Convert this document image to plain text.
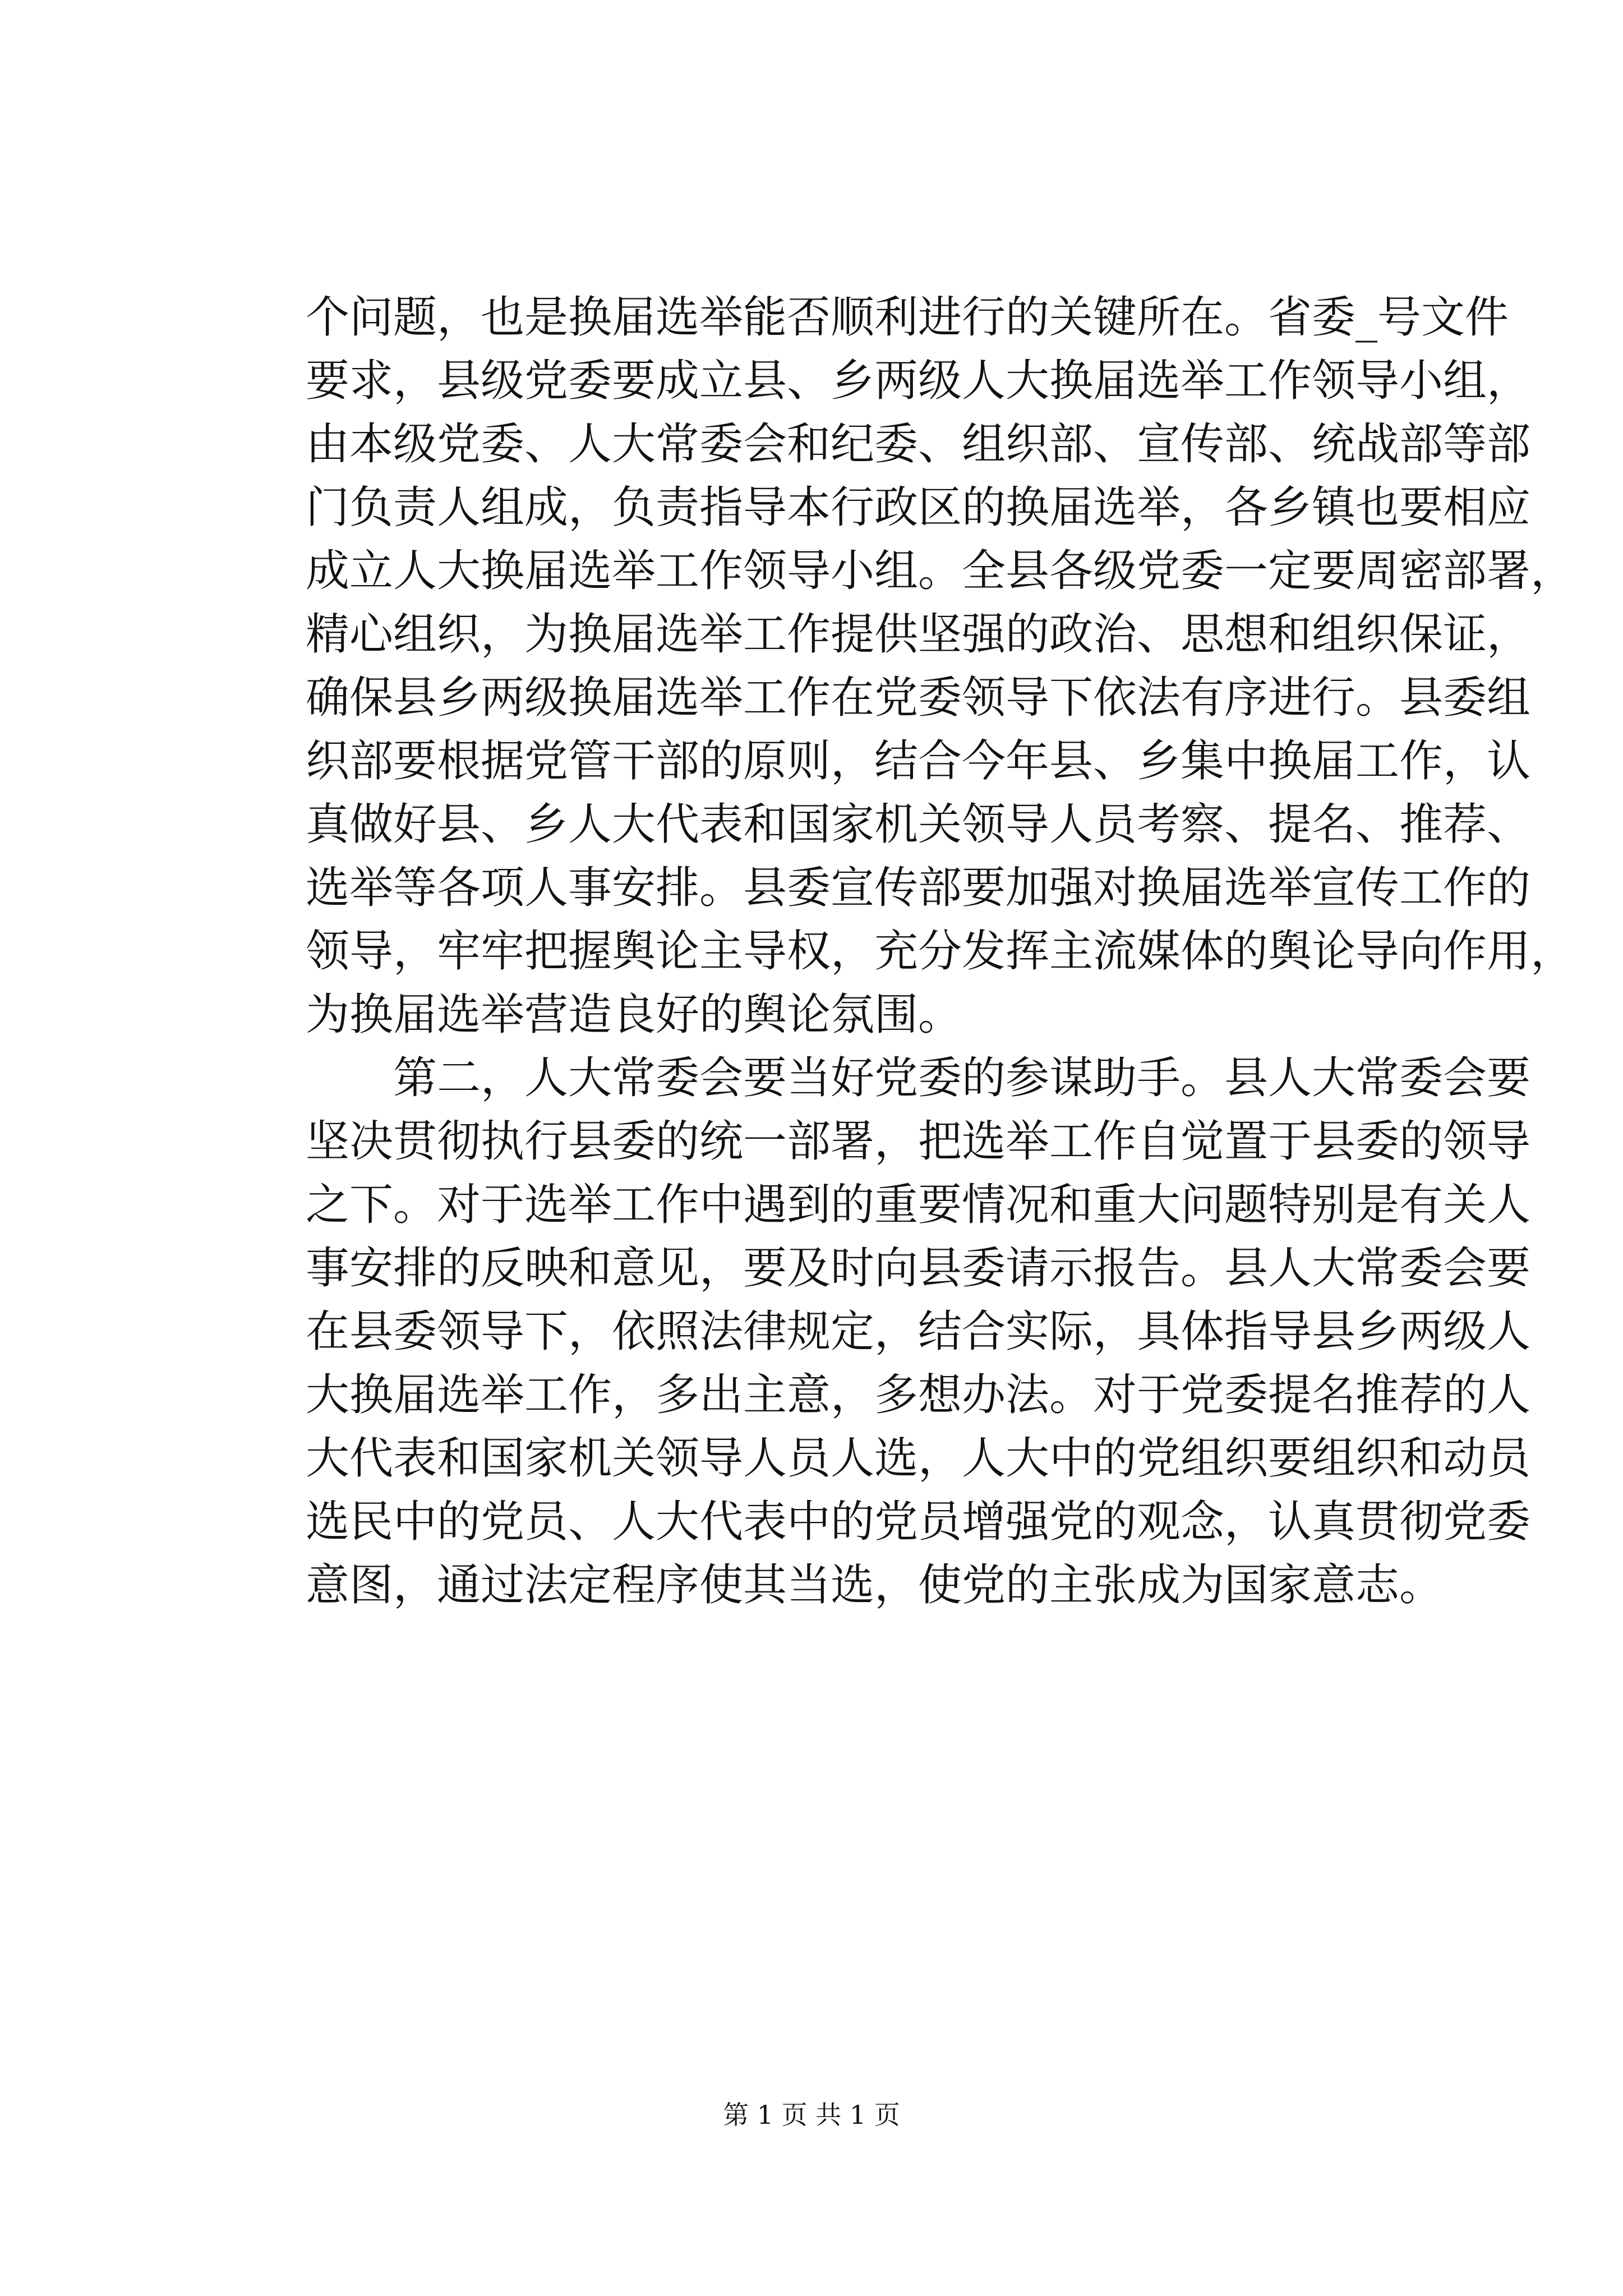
个问题，也是换届选举能否顺利进行的关键所在。省委_号文件
要求，县级党委要成立县、乡两级人大换届选举工作领导小组，
由本级党委、人大常委会和纪委、组织部、宣传部、统战部等部
门负责人组成，负责指导本行政区的换届选举，各乡镇也要相应
成立人大换届选举工作领导小组。全县各级党委一定要周密部署，
精心组织，为换届选举工作提供坚强的政治、思想和组织保证，
确保县乡两级换届选举工作在党委领导下依法有序进行。县委组
织部要根据党管干部的原则，结合今年县、乡集中换届工作，认
真做好县、乡人大代表和国家机关领导人员考察、提名、推荐、
选举等各项人事安排。县委宣传部要加强对换届选举宣传工作的
领导，牢牢把握舆论主导权，充分发挥主流媒体的舆论导向作用，
为换届选举营造良好的舆论氛围。
　　第二，人大常委会要当好党委的参谋助手。县人大常委会要
坚决贯彻执行县委的统一部署，把选举工作自觉置于县委的领导
之下。对于选举工作中遇到的重要情况和重大问题特别是有关人
事安排的反映和意见，要及时向县委请示报告。县人大常委会要
在县委领导下，依照法律规定，结合实际，具体指导县乡两级人
大换届选举工作，多出主意，多想办法。对于党委提名推荐的人
大代表和国家机关领导人员人选，人大中的党组织要组织和动员
选民中的党员、人大代表中的党员增强党的观念，认真贯彻党委
意图，通过法定程序使其当选，使党的主张成为国家意志。
第 1 页 共 1 页
